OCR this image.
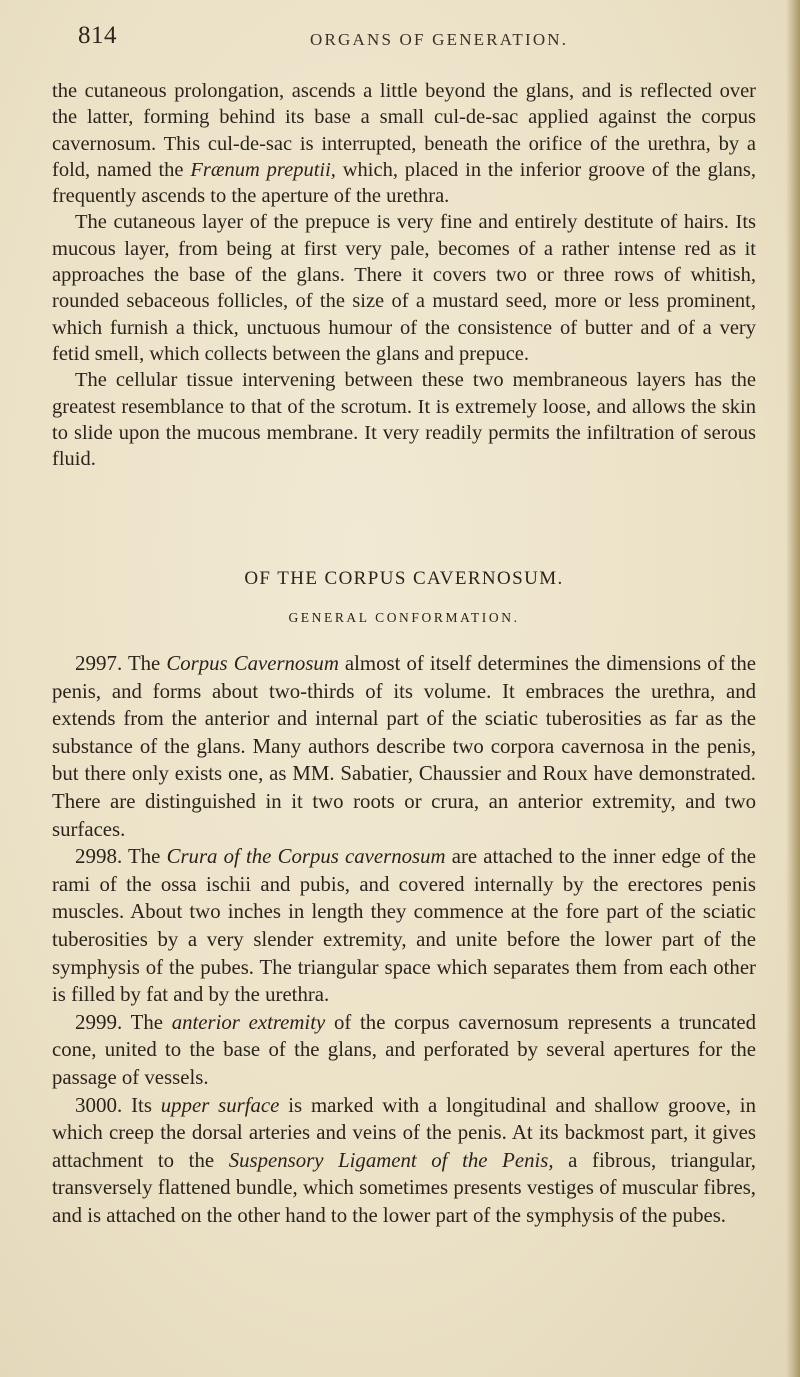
814	ORGANS OF GENERATION.

the cutaneous prolongation, ascends a little beyond the glans, and is reflected over the latter, forming behind its base a small cul-de-sac applied against the corpus cavernosum. This cul-de-sac is interrupted, beneath the orifice of the urethra, by a fold, named the Frænum preputii, which, placed in the inferior groove of the glans, frequently ascends to the aperture of the urethra.

The cutaneous layer of the prepuce is very fine and entirely destitute of hairs. Its mucous layer, from being at first very pale, becomes of a rather intense red as it approaches the base of the glans. There it covers two or three rows of whitish, rounded sebaceous follicles, of the size of a mustard seed, more or less prominent, which furnish a thick, unctuous humour of the consistence of butter and of a very fetid smell, which collects between the glans and prepuce.

The cellular tissue intervening between these two membraneous layers has the greatest resemblance to that of the scrotum. It is extremely loose, and allows the skin to slide upon the mucous membrane. It very readily permits the infiltration of serous fluid.

OF THE CORPUS CAVERNOSUM.
GENERAL CONFORMATION.

2997. The Corpus Cavernosum almost of itself determines the dimensions of the penis, and forms about two-thirds of its volume. It embraces the urethra, and extends from the anterior and internal part of the sciatic tuberosities as far as the substance of the glans. Many authors describe two corpora cavernosa in the penis, but there only exists one, as MM. Sabatier, Chaussier and Roux have demonstrated. There are distinguished in it two roots or crura, an anterior extremity, and two surfaces.

2998. The Crura of the Corpus cavernosum are attached to the inner edge of the rami of the ossa ischii and pubis, and covered internally by the erectores penis muscles. About two inches in length they commence at the fore part of the sciatic tuberosities by a very slender extremity, and unite before the lower part of the symphysis of the pubes. The triangular space which separates them from each other is filled by fat and by the urethra.

2999. The anterior extremity of the corpus cavernosum represents a truncated cone, united to the base of the glans, and perforated by several apertures for the passage of vessels.

3000. Its upper surface is marked with a longitudinal and shallow groove, in which creep the dorsal arteries and veins of the penis. At its backmost part, it gives attachment to the Suspensory Ligament of the Penis, a fibrous, triangular, transversely flattened bundle, which sometimes presents vestiges of muscular fibres, and is attached on the other hand to the lower part of the symphysis of the pubes.
